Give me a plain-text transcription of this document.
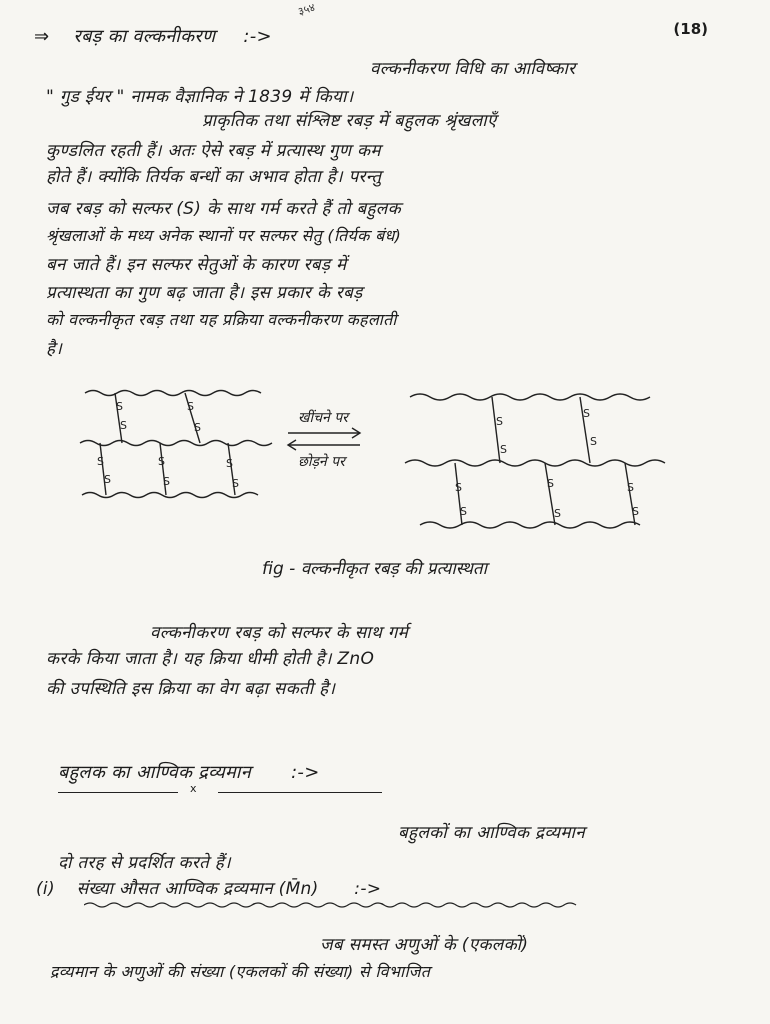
३५४
(18)
⇒ रबड़ का वल्कनीकरण :->
वल्कनीकरण विधि का आविष्कार
" गुड ईयर " नामक वैज्ञानिक ने 1839 में किया।
प्राकृतिक तथा संश्लिष्ट रबड़ में बहुलक श्रृंखलाएँ
कुण्डलित रहती हैं। अतः ऐसे रबड़ में प्रत्यास्थ गुण कम
होते हैं। क्योंकि तिर्यक बन्धों का अभाव होता है। परन्तु
जब रबड़ को सल्फर (S) के साथ गर्म करते हैं तो बहुलक
श्रृंखलाओं के मध्य अनेक स्थानों पर सल्फर सेतु (तिर्यक बंध)
बन जाते हैं। इन सल्फर सेतुओं के कारण रबड़ में
प्रत्यास्थता का गुण बढ़ जाता है। इस प्रकार के रबड़
को वल्कनीकृत रबड़ तथा यह प्रक्रिया वल्कनीकरण कहलाती
है।
S
S
S
S
S
S
S
S
S
S
S
S
S
S
S
S
S
S
S
S
खींचने पर
छोड़ने पर
fig - वल्कनीकृत रबड़ की प्रत्यास्थता
वल्कनीकरण रबड़ को सल्फर के साथ गर्म
करके किया जाता है। यह क्रिया धीमी होती है। ZnO
की उपस्थिति इस क्रिया का वेग बढ़ा सकती है।
बहुलक का आण्विक द्रव्यमान :->
x
बहुलकों का आण्विक द्रव्यमान
दो तरह से प्रदर्शित करते हैं।
(i) संख्या औसत आण्विक द्रव्यमान (M̄n) :->
जब समस्त अणुओं के (एकलकों)
द्रव्यमान के अणुओं की संख्या (एकलकों की संख्या) से विभाजित
